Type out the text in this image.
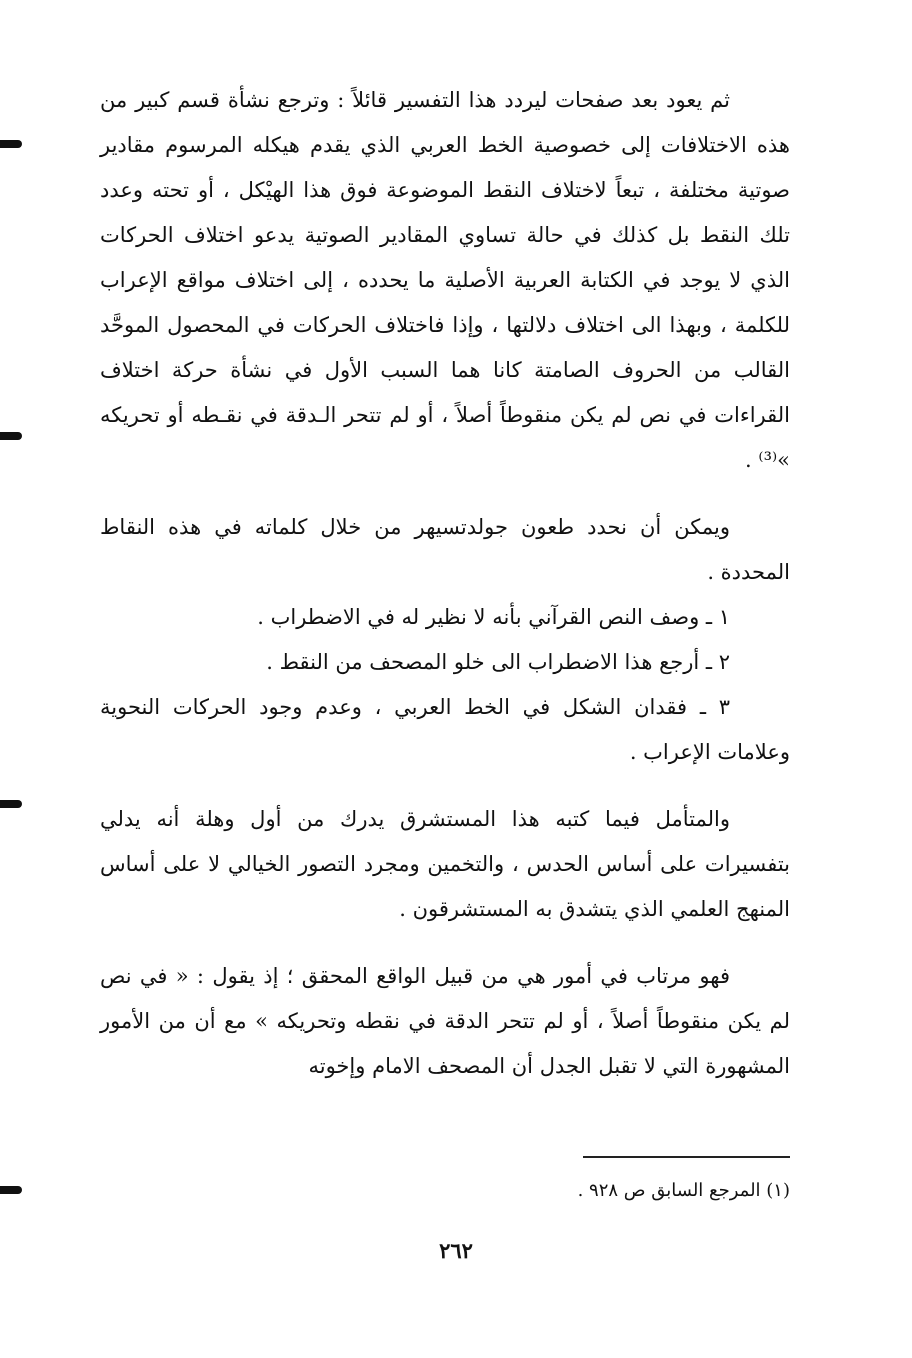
ثم يعود بعد صفحات ليردد هذا التفسير قائلاً : وترجع نشأة قسم كبير من هذه الاختلافات إلى خصوصية الخط العربي الذي يقدم هيكله المرسوم مقادير صوتية مختلفة ، تبعاً لاختلاف النقط الموضوعة فوق هذا الهيْكل ، أو تحته وعدد تلك النقط بل كذلك في حالة تساوي المقادير الصوتية يدعو اختلاف الحركات الذي لا يوجد في الكتابة العربية الأصلية ما يحدده ، إلى اختلاف مواقع الإعراب للكلمة ، وبهذا الى اختلاف دلالتها ، وإذا فاختلاف الحركات في المحصول الموحَّد القالب من الحروف الصامتة كانا هما السبب الأول في نشأة حركة اختلاف القراءات في نص لم يكن منقوطاً أصلاً ، أو لم تتحر الـدقة في نقـطه أو تحريكه »⁽³⁾ .

ويمكن أن نحدد طعون جولدتسيهر من خلال كلماته في هذه النقاط المحددة .

١ ـ وصف النص القرآني بأنه لا نظير له في الاضطراب .

٢ ـ أرجع هذا الاضطراب الى خلو المصحف من النقط .

٣ ـ فقدان الشكل في الخط العربي ، وعدم وجود الحركات النحوية وعلامات الإعراب .

والمتأمل فيما كتبه هذا المستشرق يدرك من أول وهلة أنه يدلي بتفسيرات على أساس الحدس ، والتخمين ومجرد التصور الخيالي لا على أساس المنهج العلمي الذي يتشدق به المستشرقون .

فهو مرتاب في أمور هي من قبيل الواقع المحقق ؛ إذ يقول : « في نص لم يكن منقوطاً أصلاً ، أو لم تتحر الدقة في نقطه وتحريكه » مع أن من الأمور المشهورة التي لا تقبل الجدل أن المصحف الامام وإخوته

(١) المرجع السابق ص ٩٢٨ .
٢٦٢
